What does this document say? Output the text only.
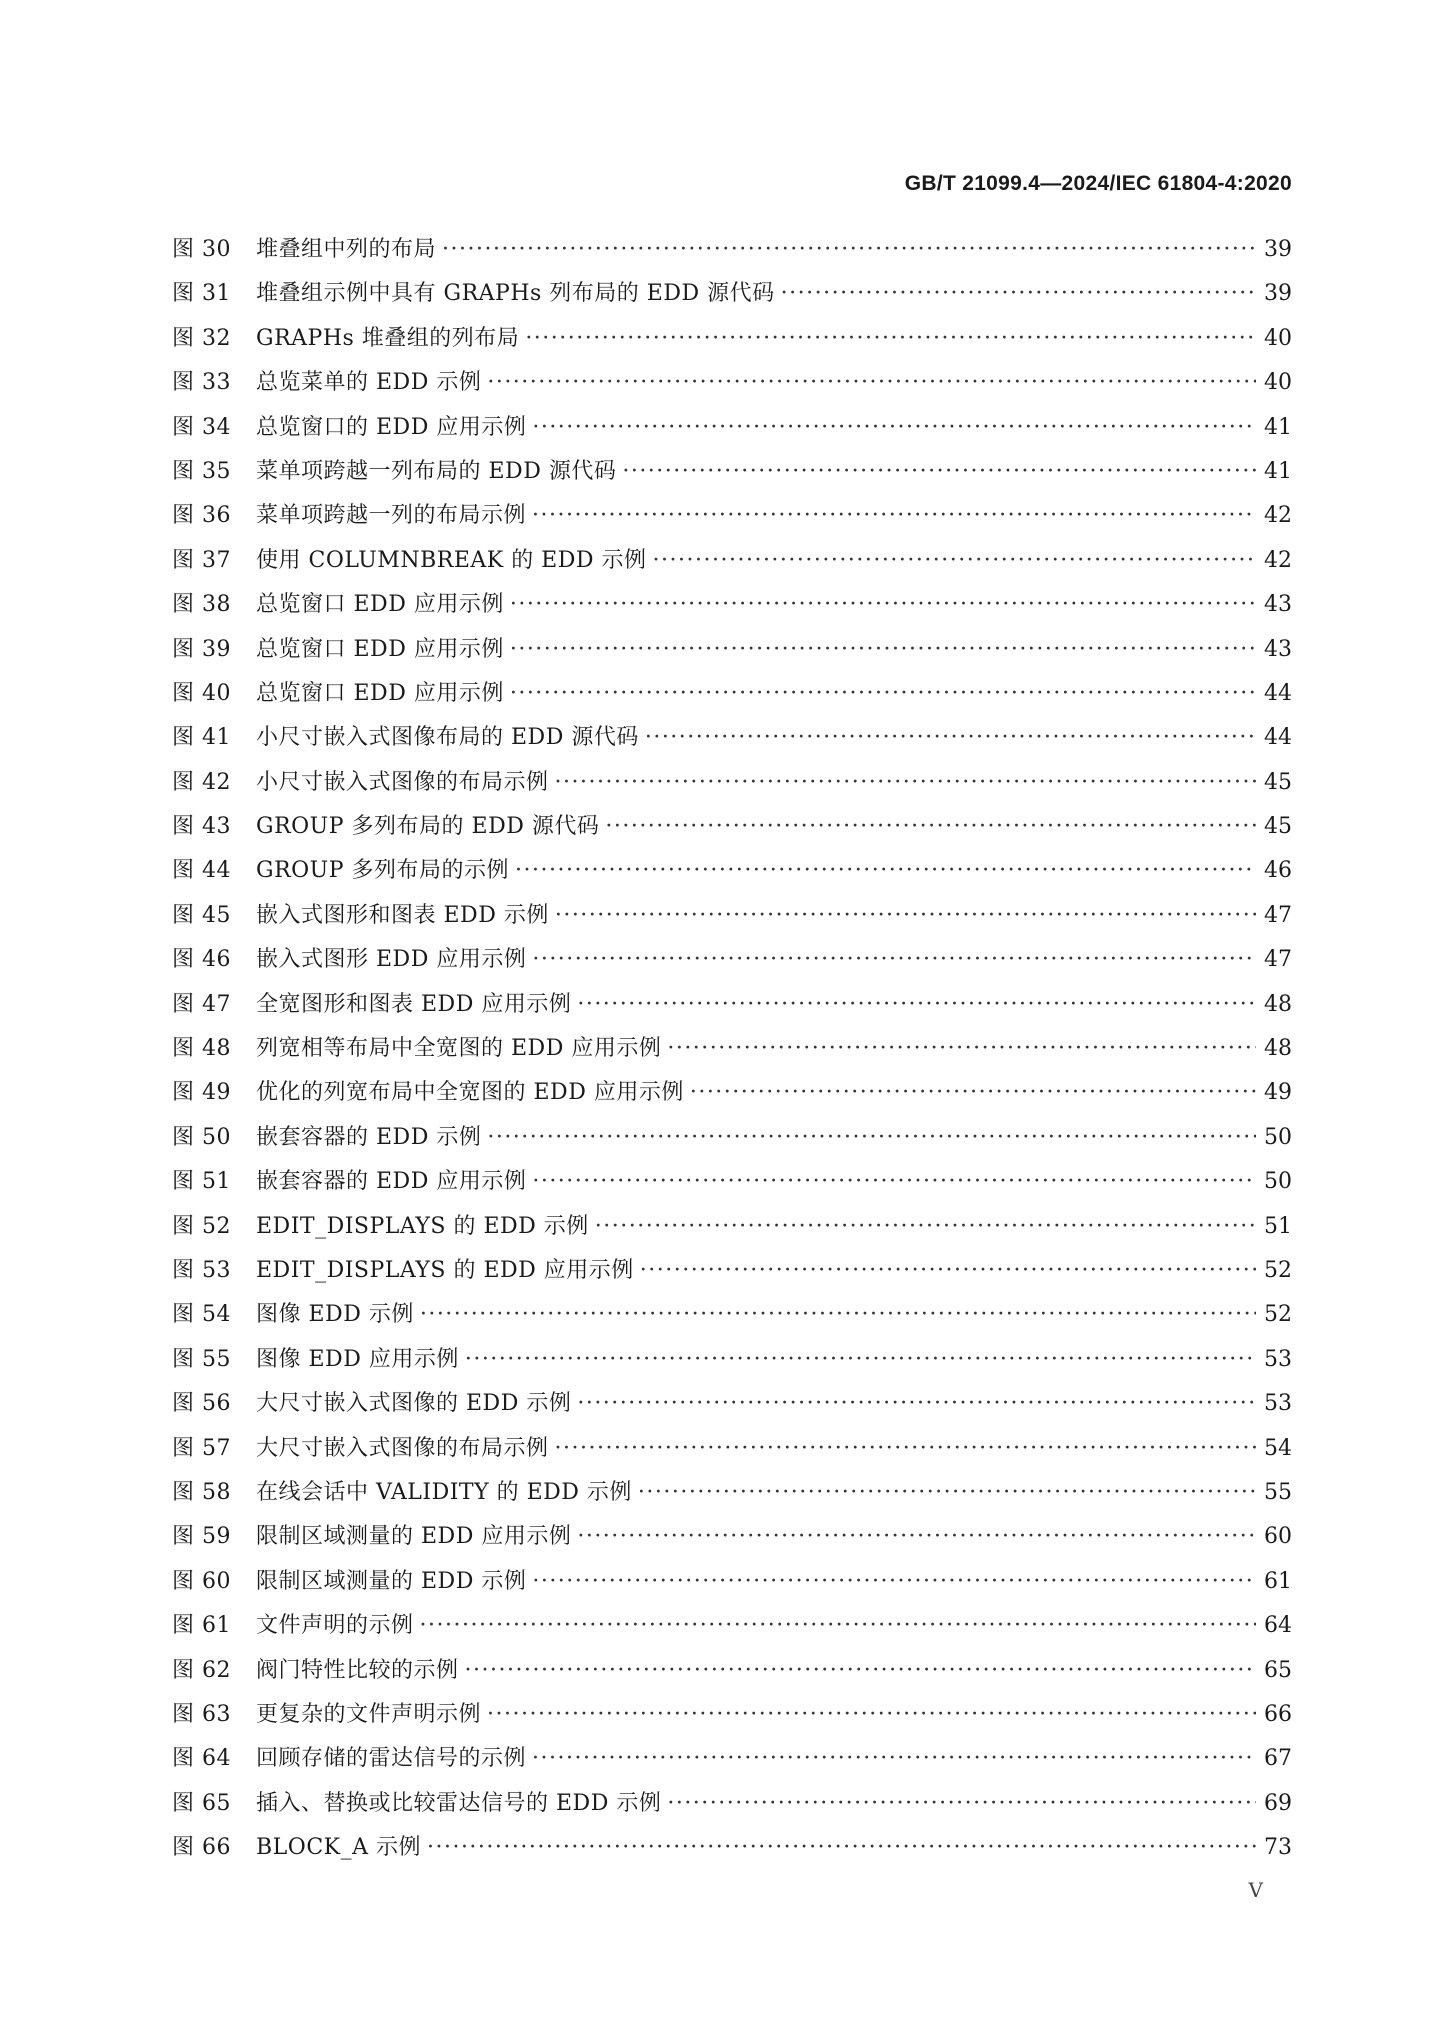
GB/T 21099.4—2024/IEC 61804-4:2020
图 30	堆叠组中列的布局 ·····	39
图 31	堆叠组示例中具有 GRAPHs 列布局的 EDD 源代码 ·····	39
图 32	GRAPHs 堆叠组的列布局 ·····	40
图 33	总览菜单的 EDD 示例 ·····	40
图 34	总览窗口的 EDD 应用示例 ·····	41
图 35	菜单项跨越一列布局的 EDD 源代码 ·····	41
图 36	菜单项跨越一列的布局示例 ·····	42
图 37	使用 COLUMNBREAK 的 EDD 示例 ·····	42
图 38	总览窗口 EDD 应用示例 ·····	43
图 39	总览窗口 EDD 应用示例 ·····	43
图 40	总览窗口 EDD 应用示例 ·····	44
图 41	小尺寸嵌入式图像布局的 EDD 源代码 ·····	44
图 42	小尺寸嵌入式图像的布局示例 ·····	45
图 43	GROUP 多列布局的 EDD 源代码 ·····	45
图 44	GROUP 多列布局的示例 ·····	46
图 45	嵌入式图形和图表 EDD 示例 ·····	47
图 46	嵌入式图形 EDD 应用示例 ·····	47
图 47	全宽图形和图表 EDD 应用示例 ·····	48
图 48	列宽相等布局中全宽图的 EDD 应用示例 ·····	48
图 49	优化的列宽布局中全宽图的 EDD 应用示例 ·····	49
图 50	嵌套容器的 EDD 示例 ·····	50
图 51	嵌套容器的 EDD 应用示例 ·····	50
图 52	EDIT_DISPLAYS 的 EDD 示例 ·····	51
图 53	EDIT_DISPLAYS 的 EDD 应用示例 ·····	52
图 54	图像 EDD 示例 ·····	52
图 55	图像 EDD 应用示例 ·····	53
图 56	大尺寸嵌入式图像的 EDD 示例 ·····	53
图 57	大尺寸嵌入式图像的布局示例 ·····	54
图 58	在线会话中 VALIDITY 的 EDD 示例 ·····	55
图 59	限制区域测量的 EDD 应用示例 ·····	60
图 60	限制区域测量的 EDD 示例 ·····	61
图 61	文件声明的示例 ·····	64
图 62	阀门特性比较的示例 ·····	65
图 63	更复杂的文件声明示例 ·····	66
图 64	回顾存储的雷达信号的示例 ·····	67
图 65	插入、替换或比较雷达信号的 EDD 示例 ·····	69
图 66	BLOCK_A 示例 ·····	73
V
